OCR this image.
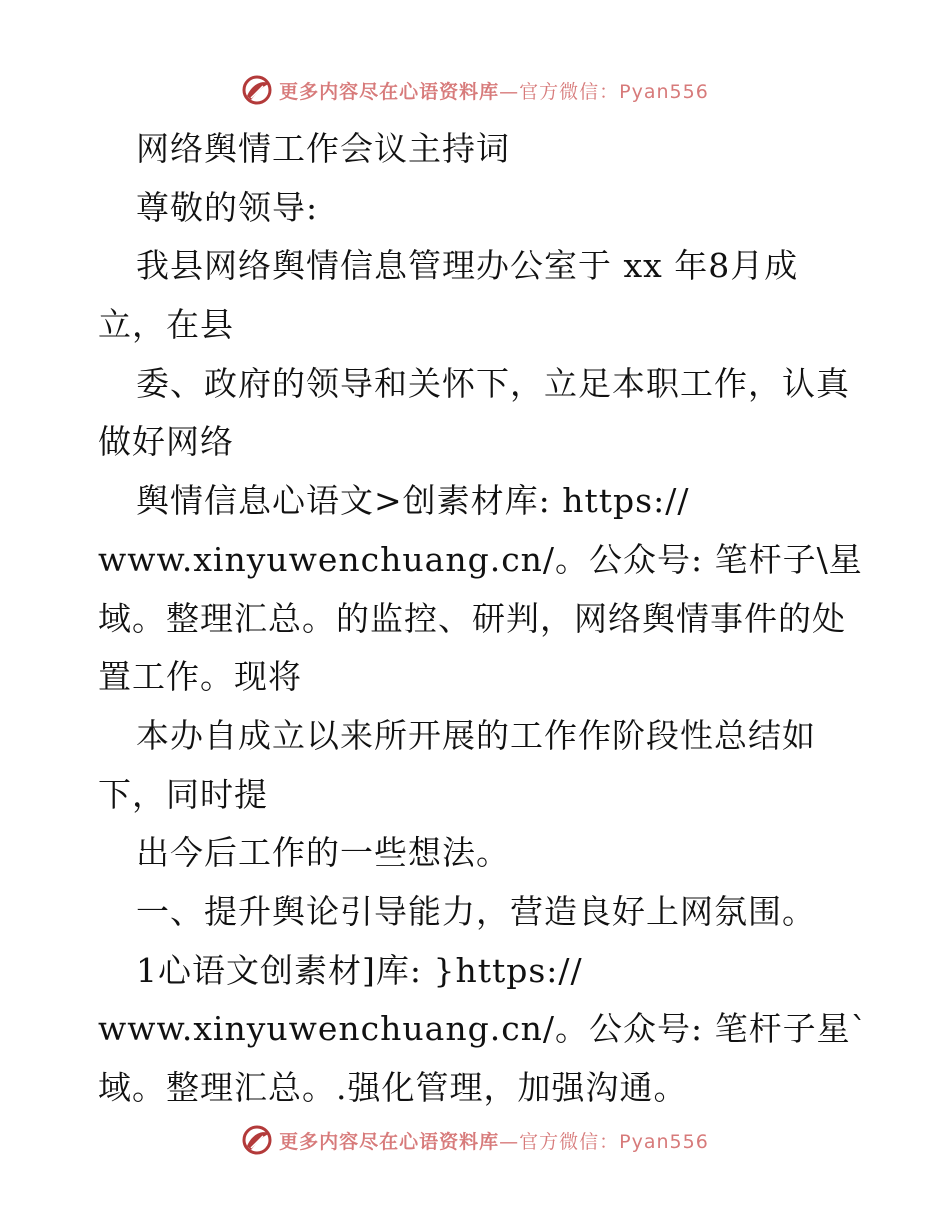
更多内容尽在心语资料库—官方微信：Pyan556
网络舆情工作会议主持词
尊敬的领导:
我县网络舆情信息管理办公室于 xx 年8月成
立，在县
委、政府的领导和关怀下，立足本职工作，认真
做好网络
舆情信息心语文>创素材库: https://
www.xinyuwenchuang.cn/。公众号: 笔杆子\星
域。整理汇总。的监控、研判，网络舆情事件的处
置工作。现将
本办自成立以来所开展的工作作阶段性总结如
下，同时提
出今后工作的一些想法。
一、提升舆论引导能力，营造良好上网氛围。
1心语文创素材]库: }https://
www.xinyuwenchuang.cn/。公众号: 笔杆子星`
域。整理汇总。.强化管理，加强沟通。
更多内容尽在心语资料库—官方微信：Pyan556
